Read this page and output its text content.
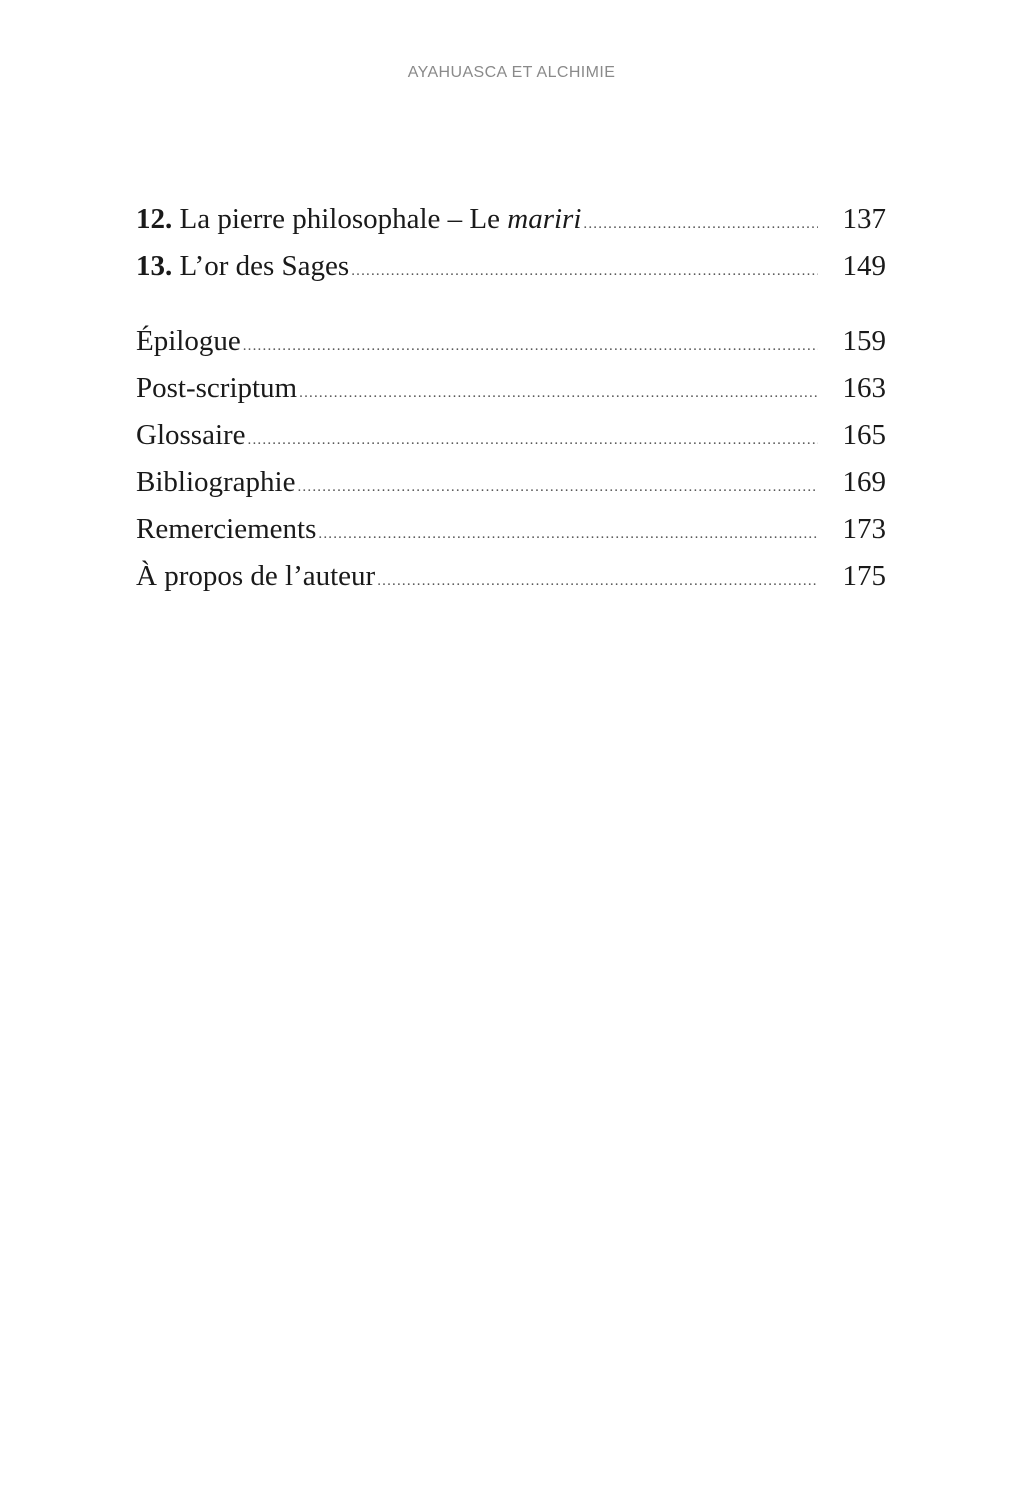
AYAHUASCA ET ALCHIMIE
12. La pierre philosophale – Le mariri .....	137
13. L’or des Sages .....	149
Épilogue .....	159
Post-scriptum .....	163
Glossaire .....	165
Bibliographie .....	169
Remerciements .....	173
À propos de l’auteur .....	175
